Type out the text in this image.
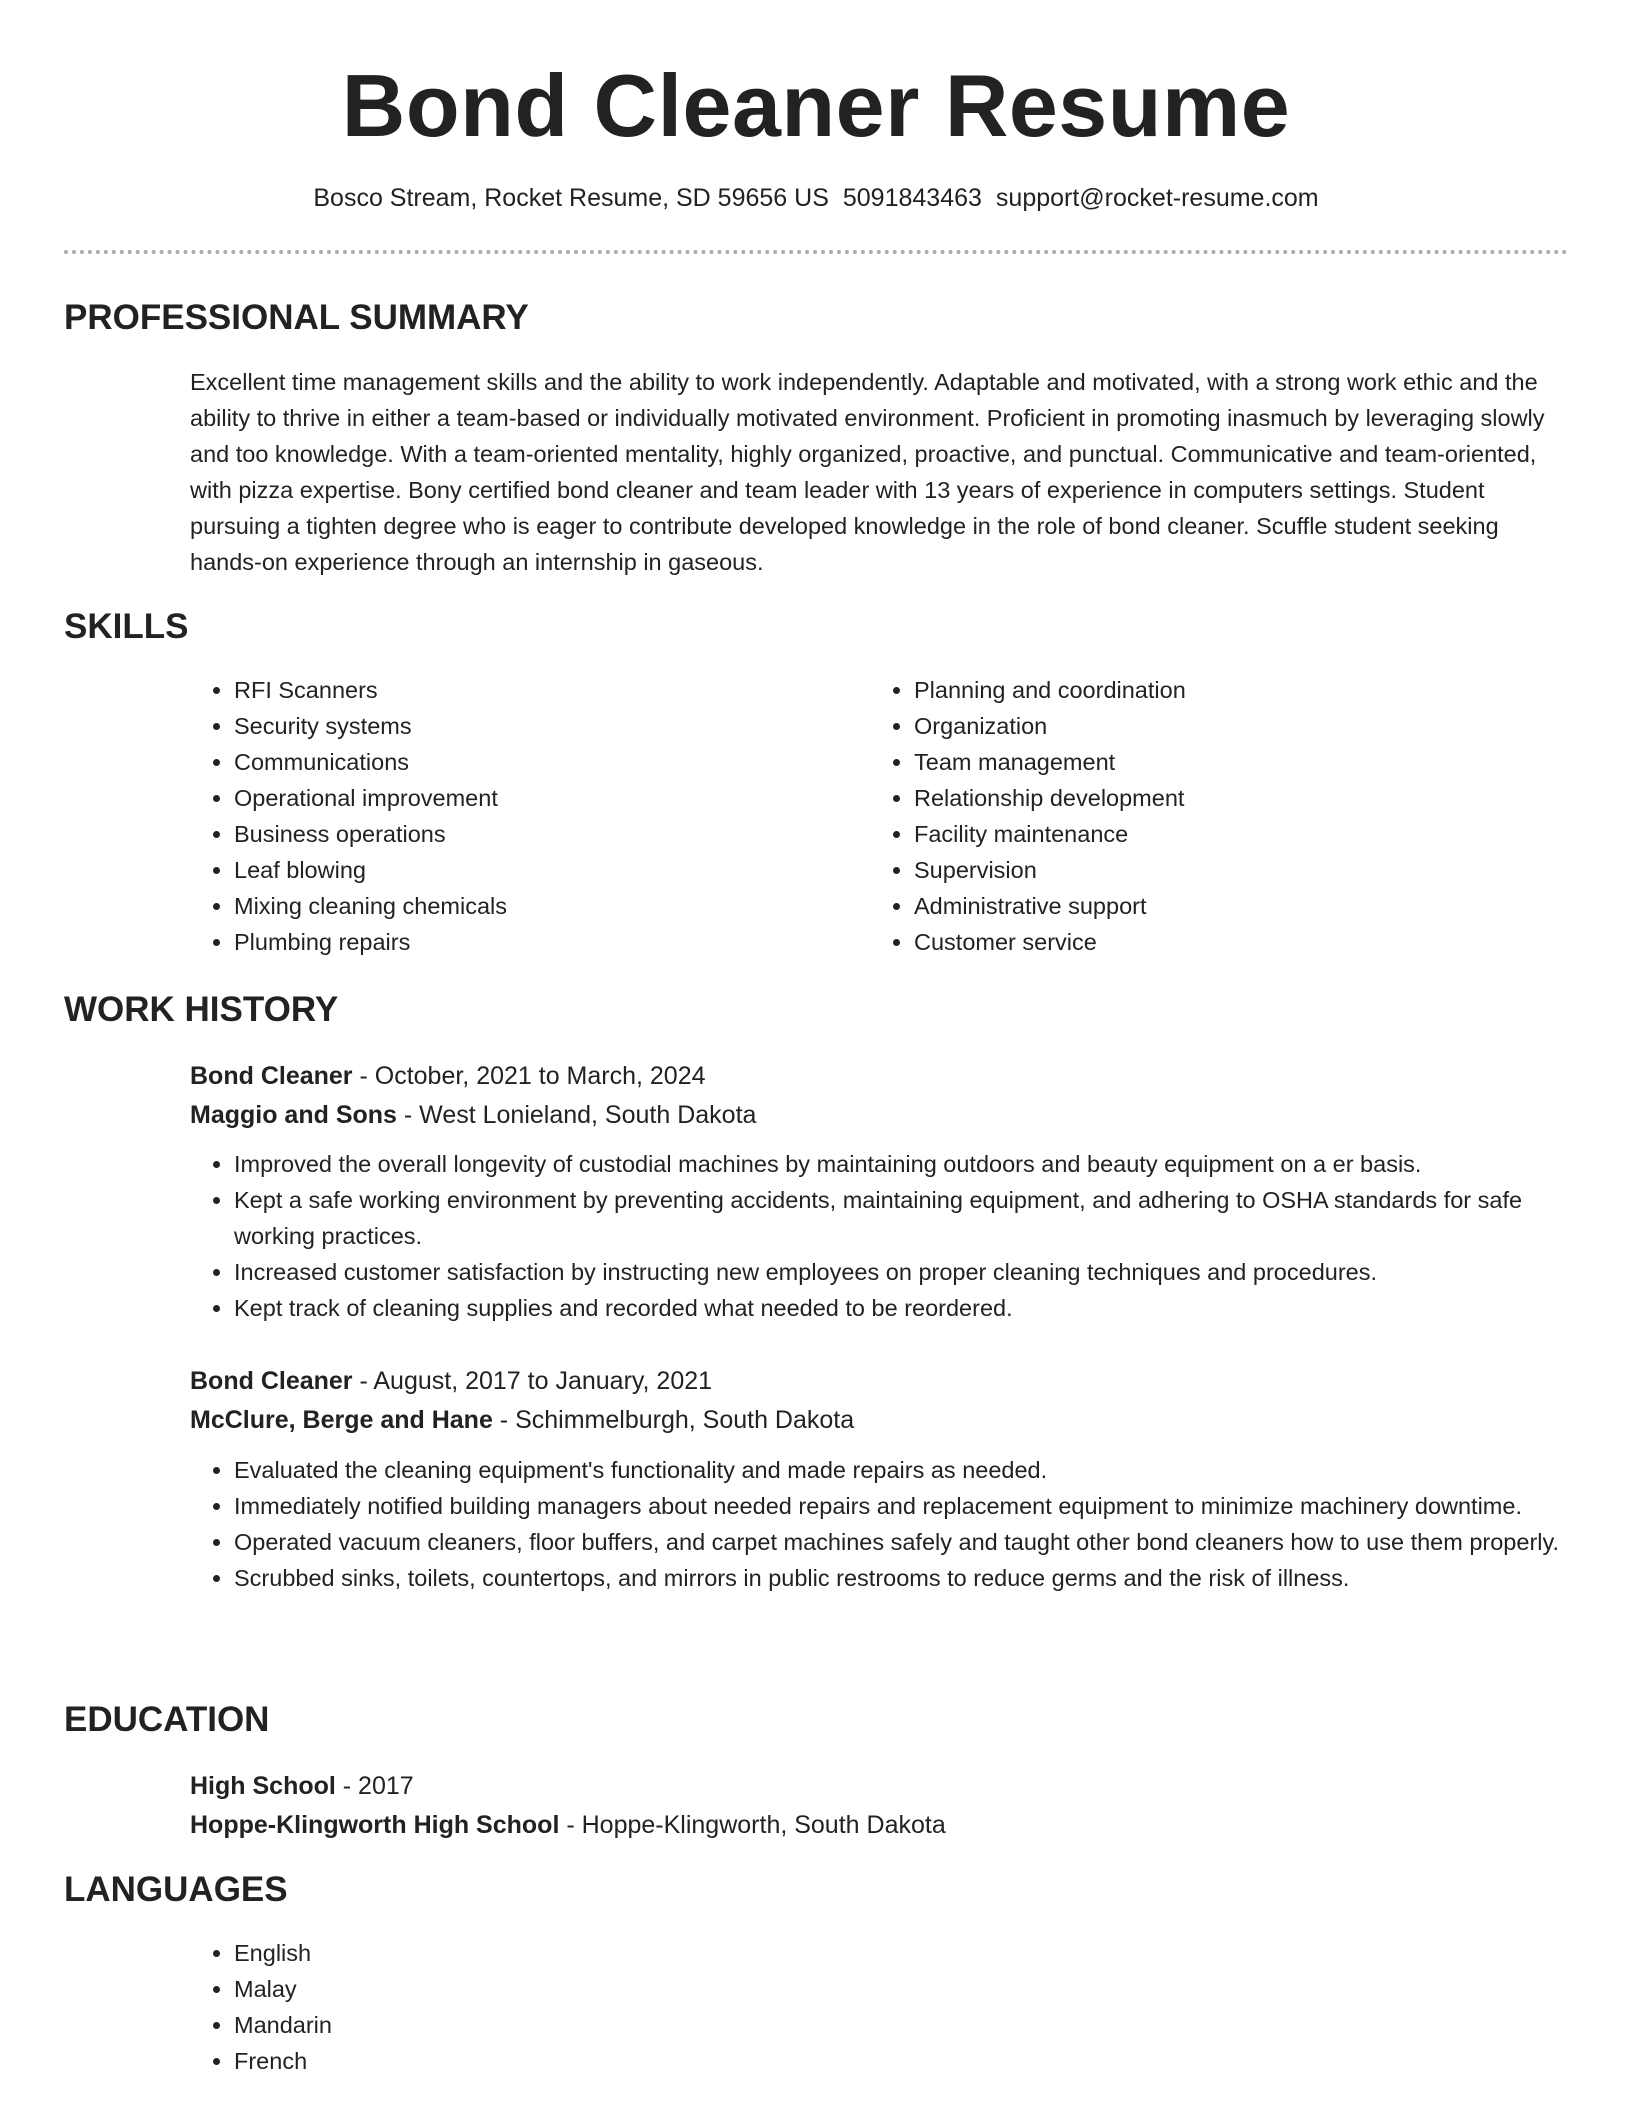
Bond Cleaner Resume
Bosco Stream, Rocket Resume, SD 59656 US 5091843463 support@rocket-resume.com
PROFESSIONAL SUMMARY

Excellent time management skills and the ability to work independently. Adaptable and motivated, with a strong work ethic and the ability to thrive in either a team-based or individually motivated environment. Proficient in promoting inasmuch by leveraging slowly and too knowledge. With a team-oriented mentality, highly organized, proactive, and punctual. Communicative and team-oriented, with pizza expertise. Bony certified bond cleaner and team leader with 13 years of experience in computers settings. Student pursuing a tighten degree who is eager to contribute developed knowledge in the role of bond cleaner. Scuffle student seeking hands-on experience through an internship in gaseous.

SKILLS
• RFI Scanners
• Security systems
• Communications
• Operational improvement
• Business operations
• Leaf blowing
• Mixing cleaning chemicals
• Plumbing repairs
• Planning and coordination
• Organization
• Team management
• Relationship development
• Facility maintenance
• Supervision
• Administrative support
• Customer service
WORK HISTORY

Bond Cleaner - October, 2021 to March, 2024

Maggio and Sons - West Lonieland, South Dakota

• Improved the overall longevity of custodial machines by maintaining outdoors and beauty equipment on a er basis.
• Kept a safe working environment by preventing accidents, maintaining equipment, and adhering to OSHA standards for safe working practices.
• Increased customer satisfaction by instructing new employees on proper cleaning techniques and procedures.
• Kept track of cleaning supplies and recorded what needed to be reordered.

Bond Cleaner - August, 2017 to January, 2021

McClure, Berge and Hane - Schimmelburgh, South Dakota

• Evaluated the cleaning equipment's functionality and made repairs as needed.
• Immediately notified building managers about needed repairs and replacement equipment to minimize machinery downtime.
• Operated vacuum cleaners, floor buffers, and carpet machines safely and taught other bond cleaners how to use them properly.
• Scrubbed sinks, toilets, countertops, and mirrors in public restrooms to reduce germs and the risk of illness.
EDUCATION

High School - 2017

Hoppe-Klingworth High School - Hoppe-Klingworth, South Dakota

LANGUAGES
• English
• Malay
• Mandarin
• French
